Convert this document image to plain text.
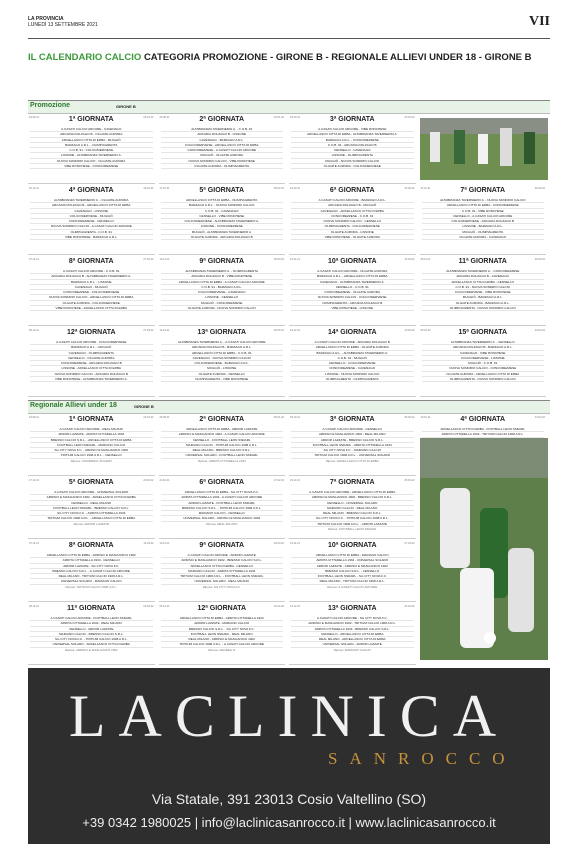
LA PROVINCIA
LUNEDÌ 13 SETTEMBRE 2021	VII
IL CALENDARIO CALCIO CATEGORIA PROMOZIONE - GIRONE B - REGIONALE ALLIEVI UNDER 18 - GIRONE B
Promozione	GIRONE B
1ª GIORNATA
19.09.21	09.01.22
A.CASATI CALCIO ARCORE - CAVENAGO
ARCADIA DOLZAGO B - OLGIATE AURORA
ARCELLASCO CITTA DI ERBA - MUGGIÒ
BARZAGO A.R.L. - OLIMPIAGRENTA
C.O.B. 91 - COLICODERVIESE
LISSONE - ALTABRIANZA TAVERNERIO A.
NUOVA SONDRIO CALCIO - OLGIATE AURORA
VIBE RONCHESE - CONCOREZZESE
2ª GIORNATA
26.09.21	16.01.22
ALTABRIANZA TAVERNERIO A. - C.O.B. 91
ARCADIA DOLZAGO B - LISSONE
CAVENAGO - BARZAGO A.R.L.
COLICODERVIESE - ARCELLASCO CITTA DI ERBA
CONCOREZZESE - A.CASATI CALCIO ARCORE
MUGGIÒ - OLGIATE AURORA
NUOVA SONDRIO CALCIO - VIBE RONCHESE
OLGIATE AURORA - OLIMPIAGRENTA
3ª GIORNATA
03.10.21	23.01.22
A.CASATI CALCIO ARCORE - VIBE RONCHESE
ARCELLASCO CITTA DI ERBA - ALTABRIANZA TAVERNERIO A.
BARZAGO A.R.L. - CONCOREZZESE
C.O.B. 91 - ARCADIA DOLZAGO B
CENSELLO - CAVENAGO
LISSONE - OLIMPIAGRENTA
MUGGIÒ - NUOVA SONDRIO CALCIO
OLGIATE AURORA - COLICODERVIESE
4ª GIORNATA
10.10.21	30.01.22
ALTABRIANZA TAVERNERIO A. - OLGIATE AURORA
ARCADIA DOLZAGO B - ARCELLASCO CITTA DI ERBA
CAVENAGO - LISSONE
COLICODERVIESE - MUGGIÒ
CONCOREZZESE - CENSELLO
NUOVA SONDRIO CALCIO - A.CASATI CALCIO ARCORE
OLIMPIAGRENTA - C.O.B. 91
VIBE RONCHESE - BARZAGO A.R.L.
5ª GIORNATA
17.10.21	06.02.22
ARCELLASCO CITTA DI ERBA - OLIMPIAGRENTA
BARZAGO A.R.L. - NUOVA SONDRIO CALCIO
C.O.B. 91 - CAVENAGO
CENSELLO - VIBE RONCHESE
COLICODERVIESE - ALTABRIANZA TAVERNERIO A.
LISSONE - CONCOREZZESE
MUGGIÒ - ALTABRIANZA TAVERNERIO A.
OLGIATE AURORA - ARCADIA DOLZAGO B
6ª GIORNATA
24.10.21	13.02.22
A.CASATI CALCIO ARCORE - BARZAGO A.R.L.
ARCADIA DOLZAGO B - MUGGIÒ
CAVENAGO - ARCELLASCO CITTA DI ERBA
CONCOREZZESE - C.O.B. 91
NUOVA SONDRIO CALCIO - CENSELLO
OLIMPIAGRENTA - COLICODERVIESE
OLGIATE AURORA - LISSONE
VIBE RONCHESE - OLGIATE AURORA
7ª GIORNATA
31.10.21	20.02.22
ALTABRIANZA TAVERNERIO A. - NUOVA SONDRIO CALCIO
ARCELLASCO CITTA DI ERBA - CONCOREZZESE
C.O.B. 91 - VIBE RONCHESE
CENSELLO - A.CASATI CALCIO ARCORE
COLICODERVIESE - ARCADIA DOLZAGO B
LISSONE - BARZAGO A.R.L.
MUGGIÒ - OLIMPIAGRENTA
OLGIATE AURORA - CAVENAGO
8ª GIORNATA
07.11.21	27.02.22
A.CASATI CALCIO ARCORE - C.O.B. 91
ARCADIA DOLZAGO B - ALTABRIANZA TAVERNERIO A.
BARZAGO A.R.L. - LISSONE
CAVENAGO - MUGGIÒ
CONCOREZZESE - COLICODERVIESE
NUOVA SONDRIO CALCIO - ARCELLASCO CITTA DI ERBA
OLGIATE AURORA - COLICODERVIESE
VIBE RONCHESE - ARCELLASCO CITTA DI ERBA
9ª GIORNATA
14.11.21	06.03.22
ALTABRIANZA TAVERNERIO A. - OLIMPIAGRENTA
ARCADIA DOLZAGO B - VIBE RONCHESE
ARCELLASCO CITTA DI ERBA - A.CASATI CALCIO ARCORE
C.O.B. 91 - BARZAGO A.R.L.
COLICODERVIESE - CAVENAGO
LISSONE - CENSELLO
MUGGIÒ - CONCOREZZESE
OLGIATE AURORA - NUOVA SONDRIO CALCIO
10ª GIORNATA
21.11.21	13.03.22
A.CASATI CALCIO ARCORE - OLGIATE AURORA
BARZAGO A.R.L. - ARCELLASCO CITTA DI ERBA
CAVENAGO - ALTABRIANZA TAVERNERIO A.
CENSELLO - C.O.B. 91
CONCOREZZESE - OLGIATE AURORA
NUOVA SONDRIO CALCIO - COLICODERVIESE
OLIMPIAGRENTA - ARCADIA DOLZAGO B
VIBE RONCHESE - LISSONE
11ª GIORNATA
28.11.21	20.03.22
ALTABRIANZA TAVERNERIO A. - CONCOREZZESE
ARCADIA DOLZAGO B - CAVENAGO
ARCELLASCO CITTA DI ERBA - CENSELLO
C.O.B. 91 - NUOVA SONDRIO CALCIO
COLICODERVIESE - VIBE RONCHESE
MUGGIÒ - BARZAGO A.R.L.
OLGIATE AURORA - BARZAGO A.R.L.
OLIMPIAGRENTA - NUOVA SONDRIO CALCIO
12ª GIORNATA
05.12.21	27.03.22
A.CASATI CALCIO ARCORE - COLICODERVIESE
BARZAGO A.R.L. - MUGGIÒ
CAVENAGO - OLIMPIAGRENTA
CENSELLO - OLGIATE AURORA
CONCOREZZESE - ARCADIA DOLZAGO B
LISSONE - ARCELLASCO CITTA DI ERBA
NUOVA SONDRIO CALCIO - ARCADIA DOLZAGO B
VIBE RONCHESE - ALTABRIANZA TAVERNERIO A.
13ª GIORNATA
12.12.21	03.04.22
ALTABRIANZA TAVERNERIO A. - A.CASATI CALCIO ARCORE
ARCADIA DOLZAGO B - BARZAGO A.R.L.
ARCELLASCO CITTA DI ERBA - C.O.B. 91
CAVENAGO - NUOVA SONDRIO CALCIO
COLICODERVIESE - BARZAGO A.R.L.
MUGGIÒ - LISSONE
OLGIATE AURORA - CENSELLO
OLIMPIAGRENTA - VIBE RONCHESE
14ª GIORNATA
19.12.21	10.04.22
A.CASATI CALCIO ARCORE - ARCADIA DOLZAGO B
ARCELLASCO CITTA DI ERBA - OLGIATE AURORA
BARZAGO A.R.L. - ALTABRIANZA TAVERNERIO A.
C.O.B. 91 - MUGGIÒ
CENSELLO - COLICODERVIESE
CONCOREZZESE - CAVENAGO
LISSONE - NUOVA SONDRIO CALCIO
OLIMPIAGRENTA - OLIMPIAGRENTA
15ª GIORNATA
09.01.22	24.04.22
ALTABRIANZA TAVERNERIO A. - CENSELLO
ARCADIA DOLZAGO B - BARZAGO A.R.L.
CAVENAGO - VIBE RONCHESE
COLICODERVIESE - LISSONE
MUGGIÒ - C.O.B. 91
NUOVA SONDRIO CALCIO - CONCOREZZESE
OLGIATE AURORA - ARCELLASCO CITTA DI ERBA
OLIMPIAGRENTA - NUOVA SONDRIO CALCIO
Regionale Allievi under 18	GIRONE B
1ª GIORNATA
19.09.21	23.01.22
A.CASATI CALCIO ARCORE - REAL MILANO
ARDOR LAZZATE - ARDITA CITTADELLA 1934
BRESSO CALCIO S.R.L. - ARCELLASCO CITTA DI ERBA
FOOTBALL LEON SSDARL - MARIANO CALCIO
SG CITY NOVA F.C. - ARDISCI E MASLIANICO 1902
TRITIUM CALCIO 1908 A R.L. - CENSELLO
Riposa: UNIVERSAL SOLARO
2ª GIORNATA
26.09.21	30.01.22
ARCELLASCO CITTA DI ERBA - ARDOR LAZZATE
ARDISCI E MASLIANICO 1902 - A.CASATI CALCIO ARCORE
CENSELLO - FOOTBALL LEON SSDARL
MARIANO CALCIO - TRITIUM CALCIO 1908 A R.L.
REAL MILANO - BRESSO CALCIO S.R.L.
UNIVERSAL SOLARO - FOOTBALL LEON SSDARL
Riposa: ARDITA CITTADELLA 1934
3ª GIORNATA
03.10.21	06.02.22
A.CASATI CALCIO ARCORE - CENSELLO
ARDISCI E MASLIANICO 1902 - REAL MILANO
ARDOR LAZZATE - BRESSO CALCIO S.R.L.
FOOTBALL LEON SSDARL - ARDITA CITTADELLA 1934
SG CITY NOVA F.C. - MARIANO CALCIO
TRITIUM CALCIO 1908 A R.L. - UNIVERSAL SOLARO
Riposa: ARCELLASCO CITTA DI ERBA
4ª GIORNATA
10.10.21	13.02.22
ARCELLASCO CITTA DI ERBA - FOOTBALL LEON SSDARL
ARDITA CITTADELLA 1934 - TRITIUM CALCIO 1908 A R.L.
5ª GIORNATA
17.10.21	20.02.22
A.CASATI CALCIO ARCORE - UNIVERSAL SOLARO
ARDISCI E MASLIANICO 1902 - ARCELLASCO CITTA DI ERBA
CENSELLO - REAL MILANO
FOOTBALL LEON SSDARL - BRESSO CALCIO S.R.L.
SG CITY NOVA F.C. - ARDITA CITTADELLA 1934
TRITIUM CALCIO 1908 A R.L. - ARCELLASCO CITTA DI ERBA
Riposa: ARDOR LAZZATE
6ª GIORNATA
24.10.21	27.02.22
ARCELLASCO CITTA DI ERBA - SG CITY NOVA F.C.
ARDITA CITTADELLA 1934 - A.CASATI CALCIO ARCORE
ARDOR LAZZATE - FOOTBALL LEON SSDARL
BRESSO CALCIO S.R.L. - TRITIUM CALCIO 1908 A R.L.
MARIANO CALCIO - CENSELLO
UNIVERSAL SOLARO - ARDISCI E MASLIANICO 1902
Riposa: REAL MILANO
7ª GIORNATA
31.10.21	06.03.22
A.CASATI CALCIO ARCORE - ARCELLASCO CITTA DI ERBA
ARDISCI E MASLIANICO 1902 - BRESSO CALCIO S.R.L.
CENSELLO - UNIVERSAL SOLARO
MARIANO CALCIO - REAL MILANO
REAL MILANO - BRESSO CALCIO S.R.L.
SG CITY NOVA F.C. - TRITIUM CALCIO 1908 A R.L.
TRITIUM CALCIO 1908 A R.L. - ARDOR LAZZATE
Riposa: FOOTBALL LEON SSDARL
8ª GIORNATA
07.11.21	13.03.22
ARCELLASCO CITTA DI ERBA - ARDISCI E MASLIANICO 1902
ARDITA CITTADELLA 1934 - CENSELLO
ARDOR LAZZATE - SG CITY NOVA F.C.
BRESSO CALCIO S.R.L. - A.CASATI CALCIO ARCORE
REAL MILANO - TRITIUM CALCIO 1908 A R.L.
UNIVERSAL SOLARO - MARIANO CALCIO
Riposa: TRITIUM CALCIO 1908 A R.L.
9ª GIORNATA
14.11.21	20.03.22
A.CASATI CALCIO ARCORE - ARDOR LAZZATE
ARDISCI E MASLIANICO 1902 - BRESSO CALCIO S.R.L.
ARCELLASCO CITTA DI ERBA - CENSELLO
MARIANO CALCIO - ARDITA CITTADELLA 1934
TRITIUM CALCIO 1908 A R.L. - FOOTBALL LEON SSDARL
UNIVERSAL SOLARO - REAL MILANO
Riposa: SG CITY NOVA F.C.
10ª GIORNATA
21.11.21	27.03.22
ARCELLASCO CITTA DI ERBA - MARIANO CALCIO
ARDITA CITTADELLA 1934 - UNIVERSAL SOLARO
ARDOR LAZZATE - ARDISCI E MASLIANICO 1902
BRESSO CALCIO S.R.L. - CENSELLO
FOOTBALL LEON SSDARL - SG CITY NOVA F.C.
REAL MILANO - TRITIUM CALCIO 1908 A R.L.
Riposa: A.CASATI CALCIO ARCORE
11ª GIORNATA
28.11.21	03.04.22
A.CASATI CALCIO ARCORE - FOOTBALL LEON SSDARL
ARDITA CITTADELLA 1934 - REAL MILANO
CENSELLO - ARDOR LAZZATE
MARIANO CALCIO - BRESSO CALCIO S.R.L.
SG CITY NOVA F.C. - TRITIUM CALCIO 1908 A R.L.
UNIVERSAL SOLARO - ARCELLASCO CITTA DI ERBA
Riposa: ARDISCI E MASLIANICO 1902
12ª GIORNATA
05.12.21	10.04.22
ARCELLASCO CITTA DI ERBA - ARDITA CITTADELLA 1934
ARDOR LAZZATE - MARIANO CALCIO
BRESSO CALCIO S.R.L. - SG CITY NOVA F.C.
FOOTBALL LEON SSDARL - REAL MILANO
REAL MILANO - ARDISCI E MASLIANICO 1902
TRITIUM CALCIO 1908 A R.L. - A.CASATI CALCIO ARCORE
Riposa: CENSELLO
13ª GIORNATA
12.12.21	24.04.22
A.CASATI CALCIO ARCORE - SG CITY NOVA F.C.
ARDISCI E MASLIANICO 1902 - TRITIUM CALCIO 1908 A R.L.
ARDITA CITTADELLA 1934 - BRESSO CALCIO S.R.L.
CENSELLO - ARCELLASCO CITTA DI ERBA
REAL MILANO - ARCELLASCO CITTA DI ERBA
UNIVERSAL SOLARO - ARDOR LAZZATE
Riposa: MARIANO CALCIO
LACLINICA
SANROCCO
Via Statale, 391 23013 Cosio Valtellino (SO)
+39 0342 1980025 | info@laclinicasanrocco.it | www.laclinicasanrocco.it
